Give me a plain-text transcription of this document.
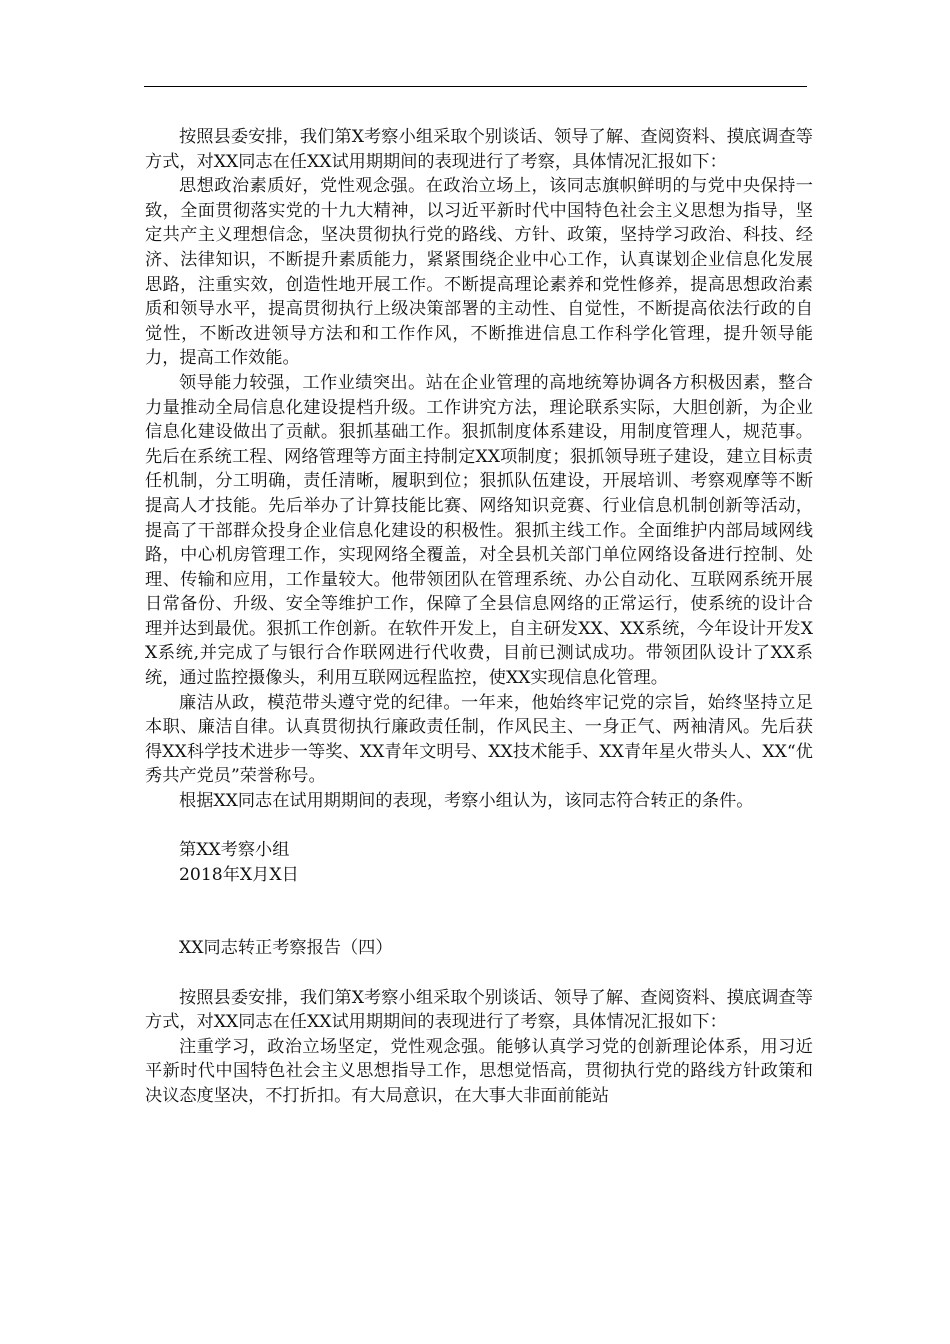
按照县委安排，我们第X考察小组采取个别谈话、领导了解、查阅资料、摸底调查等方式，对XX同志在任XX试用期期间的表现进行了考察，具体情况汇报如下：

思想政治素质好，党性观念强。在政治立场上，该同志旗帜鲜明的与党中央保持一致，全面贯彻落实党的十九大精神，以习近平新时代中国特色社会主义思想为指导，坚定共产主义理想信念，坚决贯彻执行党的路线、方针、政策，坚持学习政治、科技、经济、法律知识，不断提升素质能力，紧紧围绕企业中心工作，认真谋划企业信息化发展思路，注重实效，创造性地开展工作。不断提高理论素养和党性修养，提高思想政治素质和领导水平，提高贯彻执行上级决策部署的主动性、自觉性，不断提高依法行政的自觉性，不断改进领导方法和和工作作风，不断推进信息工作科学化管理，提升领导能力，提高工作效能。

领导能力较强，工作业绩突出。站在企业管理的高地统筹协调各方积极因素，整合力量推动全局信息化建设提档升级。工作讲究方法，理论联系实际，大胆创新，为企业信息化建设做出了贡献。狠抓基础工作。狠抓制度体系建设，用制度管理人，规范事。先后在系统工程、网络管理等方面主持制定XX项制度；狠抓领导班子建设，建立目标责任机制，分工明确，责任清晰，履职到位；狠抓队伍建设，开展培训、考察观摩等不断提高人才技能。先后举办了计算技能比赛、网络知识竞赛、行业信息机制创新等活动，提高了干部群众投身企业信息化建设的积极性。狠抓主线工作。全面维护内部局域网线路，中心机房管理工作，实现网络全覆盖，对全县机关部门单位网络设备进行控制、处理、传输和应用，工作量较大。他带领团队在管理系统、办公自动化、互联网系统开展日常备份、升级、安全等维护工作，保障了全县信息网络的正常运行，使系统的设计合理并达到最优。狠抓工作创新。在软件开发上，自主研发XX、XX系统，今年设计开发XX系统,并完成了与银行合作联网进行代收费，目前已测试成功。带领团队设计了XX系统，通过监控摄像头，利用互联网远程监控，使XX实现信息化管理。

廉洁从政，模范带头遵守党的纪律。一年来，他始终牢记党的宗旨，始终坚持立足本职、廉洁自律。认真贯彻执行廉政责任制，作风民主、一身正气、两袖清风。先后获得XX科学技术进步一等奖、XX青年文明号、XX技术能手、XX青年星火带头人、XX“优秀共产党员”荣誉称号。

根据XX同志在试用期期间的表现，考察小组认为，该同志符合转正的条件。

第XX考察小组

2018年X月X日

XX同志转正考察报告（四）

按照县委安排，我们第X考察小组采取个别谈话、领导了解、查阅资料、摸底调查等方式，对XX同志在任XX试用期期间的表现进行了考察，具体情况汇报如下：

注重学习，政治立场坚定，党性观念强。能够认真学习党的创新理论体系，用习近平新时代中国特色社会主义思想指导工作，思想觉悟高，贯彻执行党的路线方针政策和决议态度坚决，不打折扣。有大局意识，在大事大非面前能站
